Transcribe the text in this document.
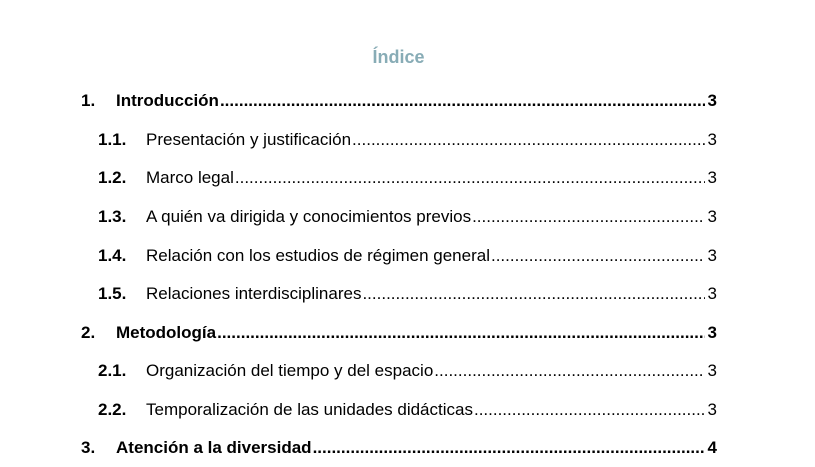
Índice
1.	Introducción .....	3
1.1.	Presentación y justificación .....	3
1.2.	Marco legal .....	3
1.3.	A quién va dirigida y conocimientos previos .....	3
1.4.	Relación con los estudios de régimen general .....	3
1.5.	Relaciones interdisciplinares .....	3
2.	Metodología .....	3
2.1.	Organización del tiempo y del espacio .....	3
2.2.	Temporalización de las unidades didácticas .....	3
3.	Atención a la diversidad .....	4
